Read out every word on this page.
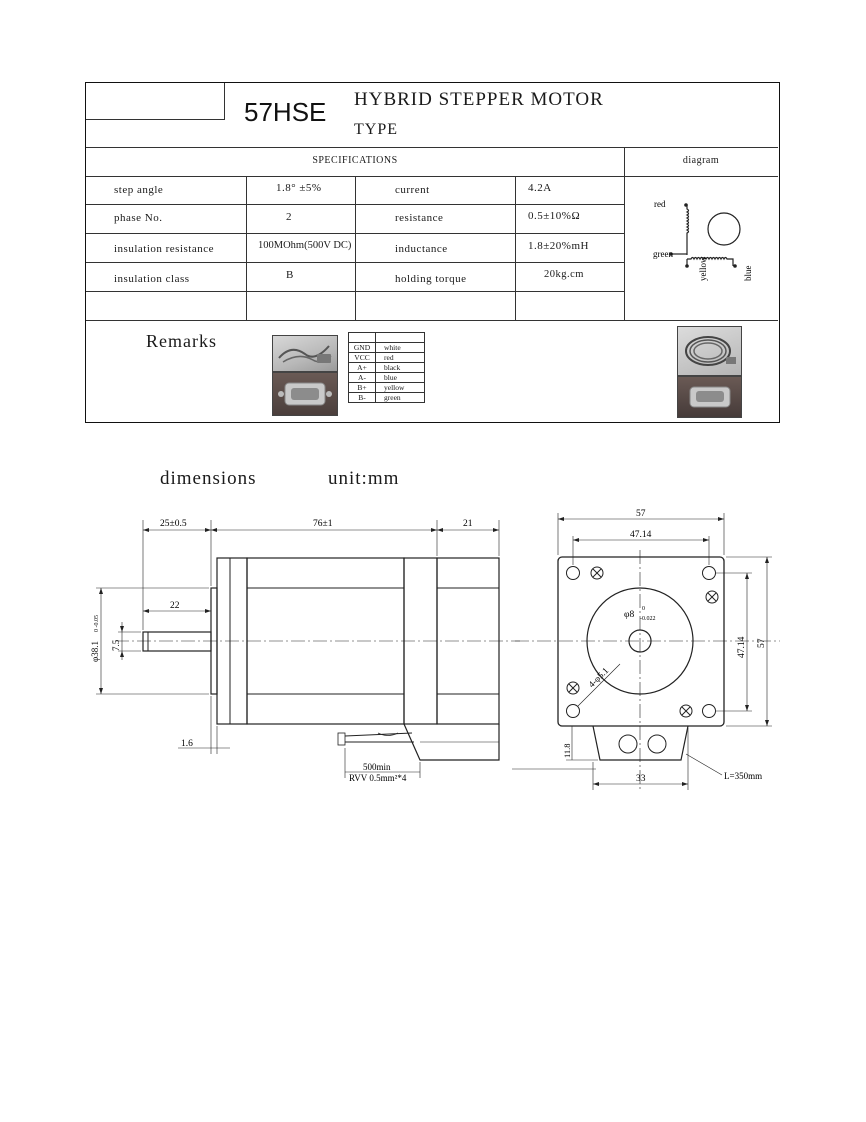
57HSE HYBRID STEPPER MOTOR
TYPE
SPECIFICATIONS	diagram
step angle	1.8° ±5%	current	4.2A
phase No.	2	resistance	0.5±10%Ω
insulation resistance	100MOhm(500V DC)	inductance	1.8±20%mH
insulation class	B	holding torque	20kg.cm
red
green
yellow	blue
Remarks
		GND	white
VCC	red
A+	black
A-	blue
B+	yellow
B-	green
dimensions	unit:mm
25±0.5	76±1	21
22
7.5
φ38.1
0 -0.05
1.6
500min
RVV 0.5mm²*4
57
47.14
47.14 57
φ8
0
-0.022
4-φ5.1
11.8
33	L=350mm
